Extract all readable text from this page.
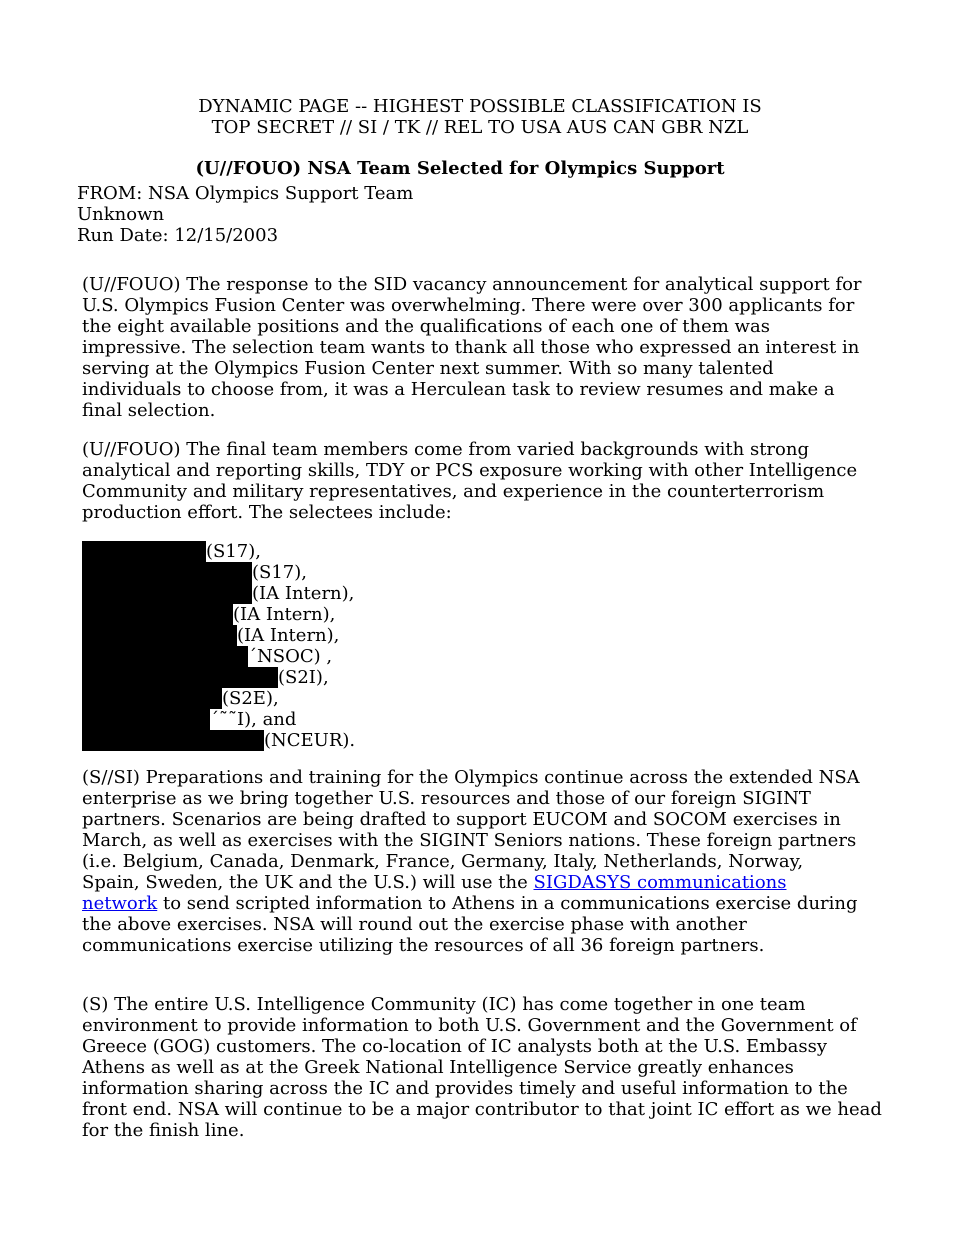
DYNAMIC PAGE -- HIGHEST POSSIBLE CLASSIFICATION IS
TOP SECRET // SI / TK // REL TO USA AUS CAN GBR NZL
(U//FOUO) NSA Team Selected for Olympics Support
FROM: NSA Olympics Support Team
Unknown
Run Date: 12/15/2003
(U//FOUO) The response to the SID vacancy announcement for analytical support for U.S. Olympics Fusion Center was overwhelming. There were over 300 applicants for the eight available positions and the qualifications of each one of them was impressive. The selection team wants to thank all those who expressed an interest in serving at the Olympics Fusion Center next summer. With so many talented individuals to choose from, it was a Herculean task to review resumes and make a final selection.
(U//FOUO) The final team members come from varied backgrounds with strong analytical and reporting skills, TDY or PCS exposure working with other Intelligence Community and military representatives, and experience in the counterterrorism production effort. The selectees include:
(S17),
(S17),
(IA Intern),
(IA Intern),
(IA Intern),
´NSOC) ,
(S2I),
(S2E),
´˜˜I), and
(NCEUR).
(S//SI) Preparations and training for the Olympics continue across the extended NSA enterprise as we bring together U.S. resources and those of our foreign SIGINT partners. Scenarios are being drafted to support EUCOM and SOCOM exercises in March, as well as exercises with the SIGINT Seniors nations. These foreign partners (i.e. Belgium, Canada, Denmark, France, Germany, Italy, Netherlands, Norway, Spain, Sweden, the UK and the U.S.) will use the SIGDASYS communications network to send scripted information to Athens in a communications exercise during the above exercises. NSA will round out the exercise phase with another communications exercise utilizing the resources of all 36 foreign partners.
(S) The entire U.S. Intelligence Community (IC) has come together in one team environment to provide information to both U.S. Government and the Government of Greece (GOG) customers. The co-location of IC analysts both at the U.S. Embassy Athens as well as at the Greek National Intelligence Service greatly enhances information sharing across the IC and provides timely and useful information to the front end. NSA will continue to be a major contributor to that joint IC effort as we head for the finish line.
